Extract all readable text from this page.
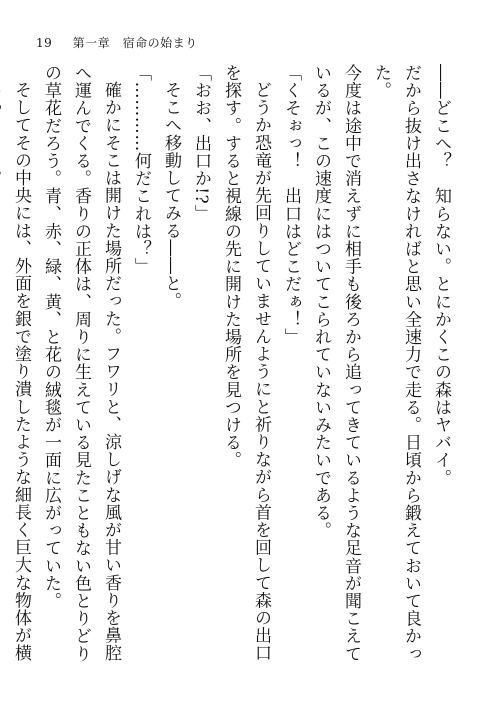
19 第一章　宿命の始まり

――どこへ？　知らない。とにかくこの森はヤバイ。

だから抜け出さなければと思い全速力で走る。日頃から鍛えておいて良かった。

今度は途中で消えずに相手も後ろから追ってきているような足音が聞こえているが、この速度にはついてこられていないみたいである。

「くそぉっ！　出口はどこだぁ！」

どうか恐竜が先回りしていませんようにと祈りながら首を回して森の出口を探す。すると視線の先に開けた場所を見つける。

「おお、出口か!?」

そこへ移動してみる――と。

「…………何だこれは？」

確かにそこは開けた場所だった。フワリと、涼しげな風が甘い香りを鼻腔へ運んでくる。香りの正体は、周りに生えている見たこともない色とりどりの草花だろう。青、赤、緑、黄、と花の絨毯が一面に広がっていた。

そしてその中央には、外面を銀で塗り潰したような細長く巨大な物体が横
